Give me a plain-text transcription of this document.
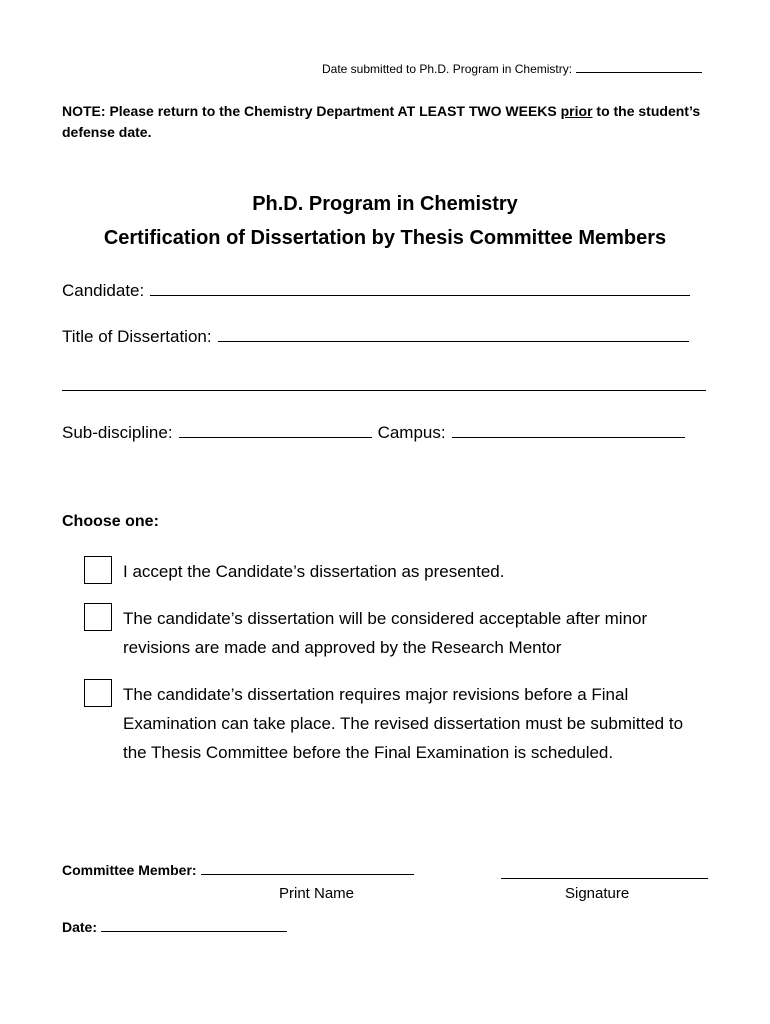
Date submitted to Ph.D. Program in Chemistry:
NOTE: Please return to the Chemistry Department AT LEAST TWO WEEKS prior to the student’s defense date.
Ph.D. Program in Chemistry
Certification of Dissertation by Thesis Committee Members
Candidate:
Title of Dissertation:
Sub-discipline:	Campus:
Choose one:
I accept the Candidate’s dissertation as presented.
The candidate’s dissertation will be considered acceptable after minor revisions are made and approved by the Research Mentor
The candidate’s dissertation requires major revisions before a Final Examination can take place. The revised dissertation must be submitted to the Thesis Committee before the Final Examination is scheduled.
Committee Member:
Print Name	Signature
Date:
